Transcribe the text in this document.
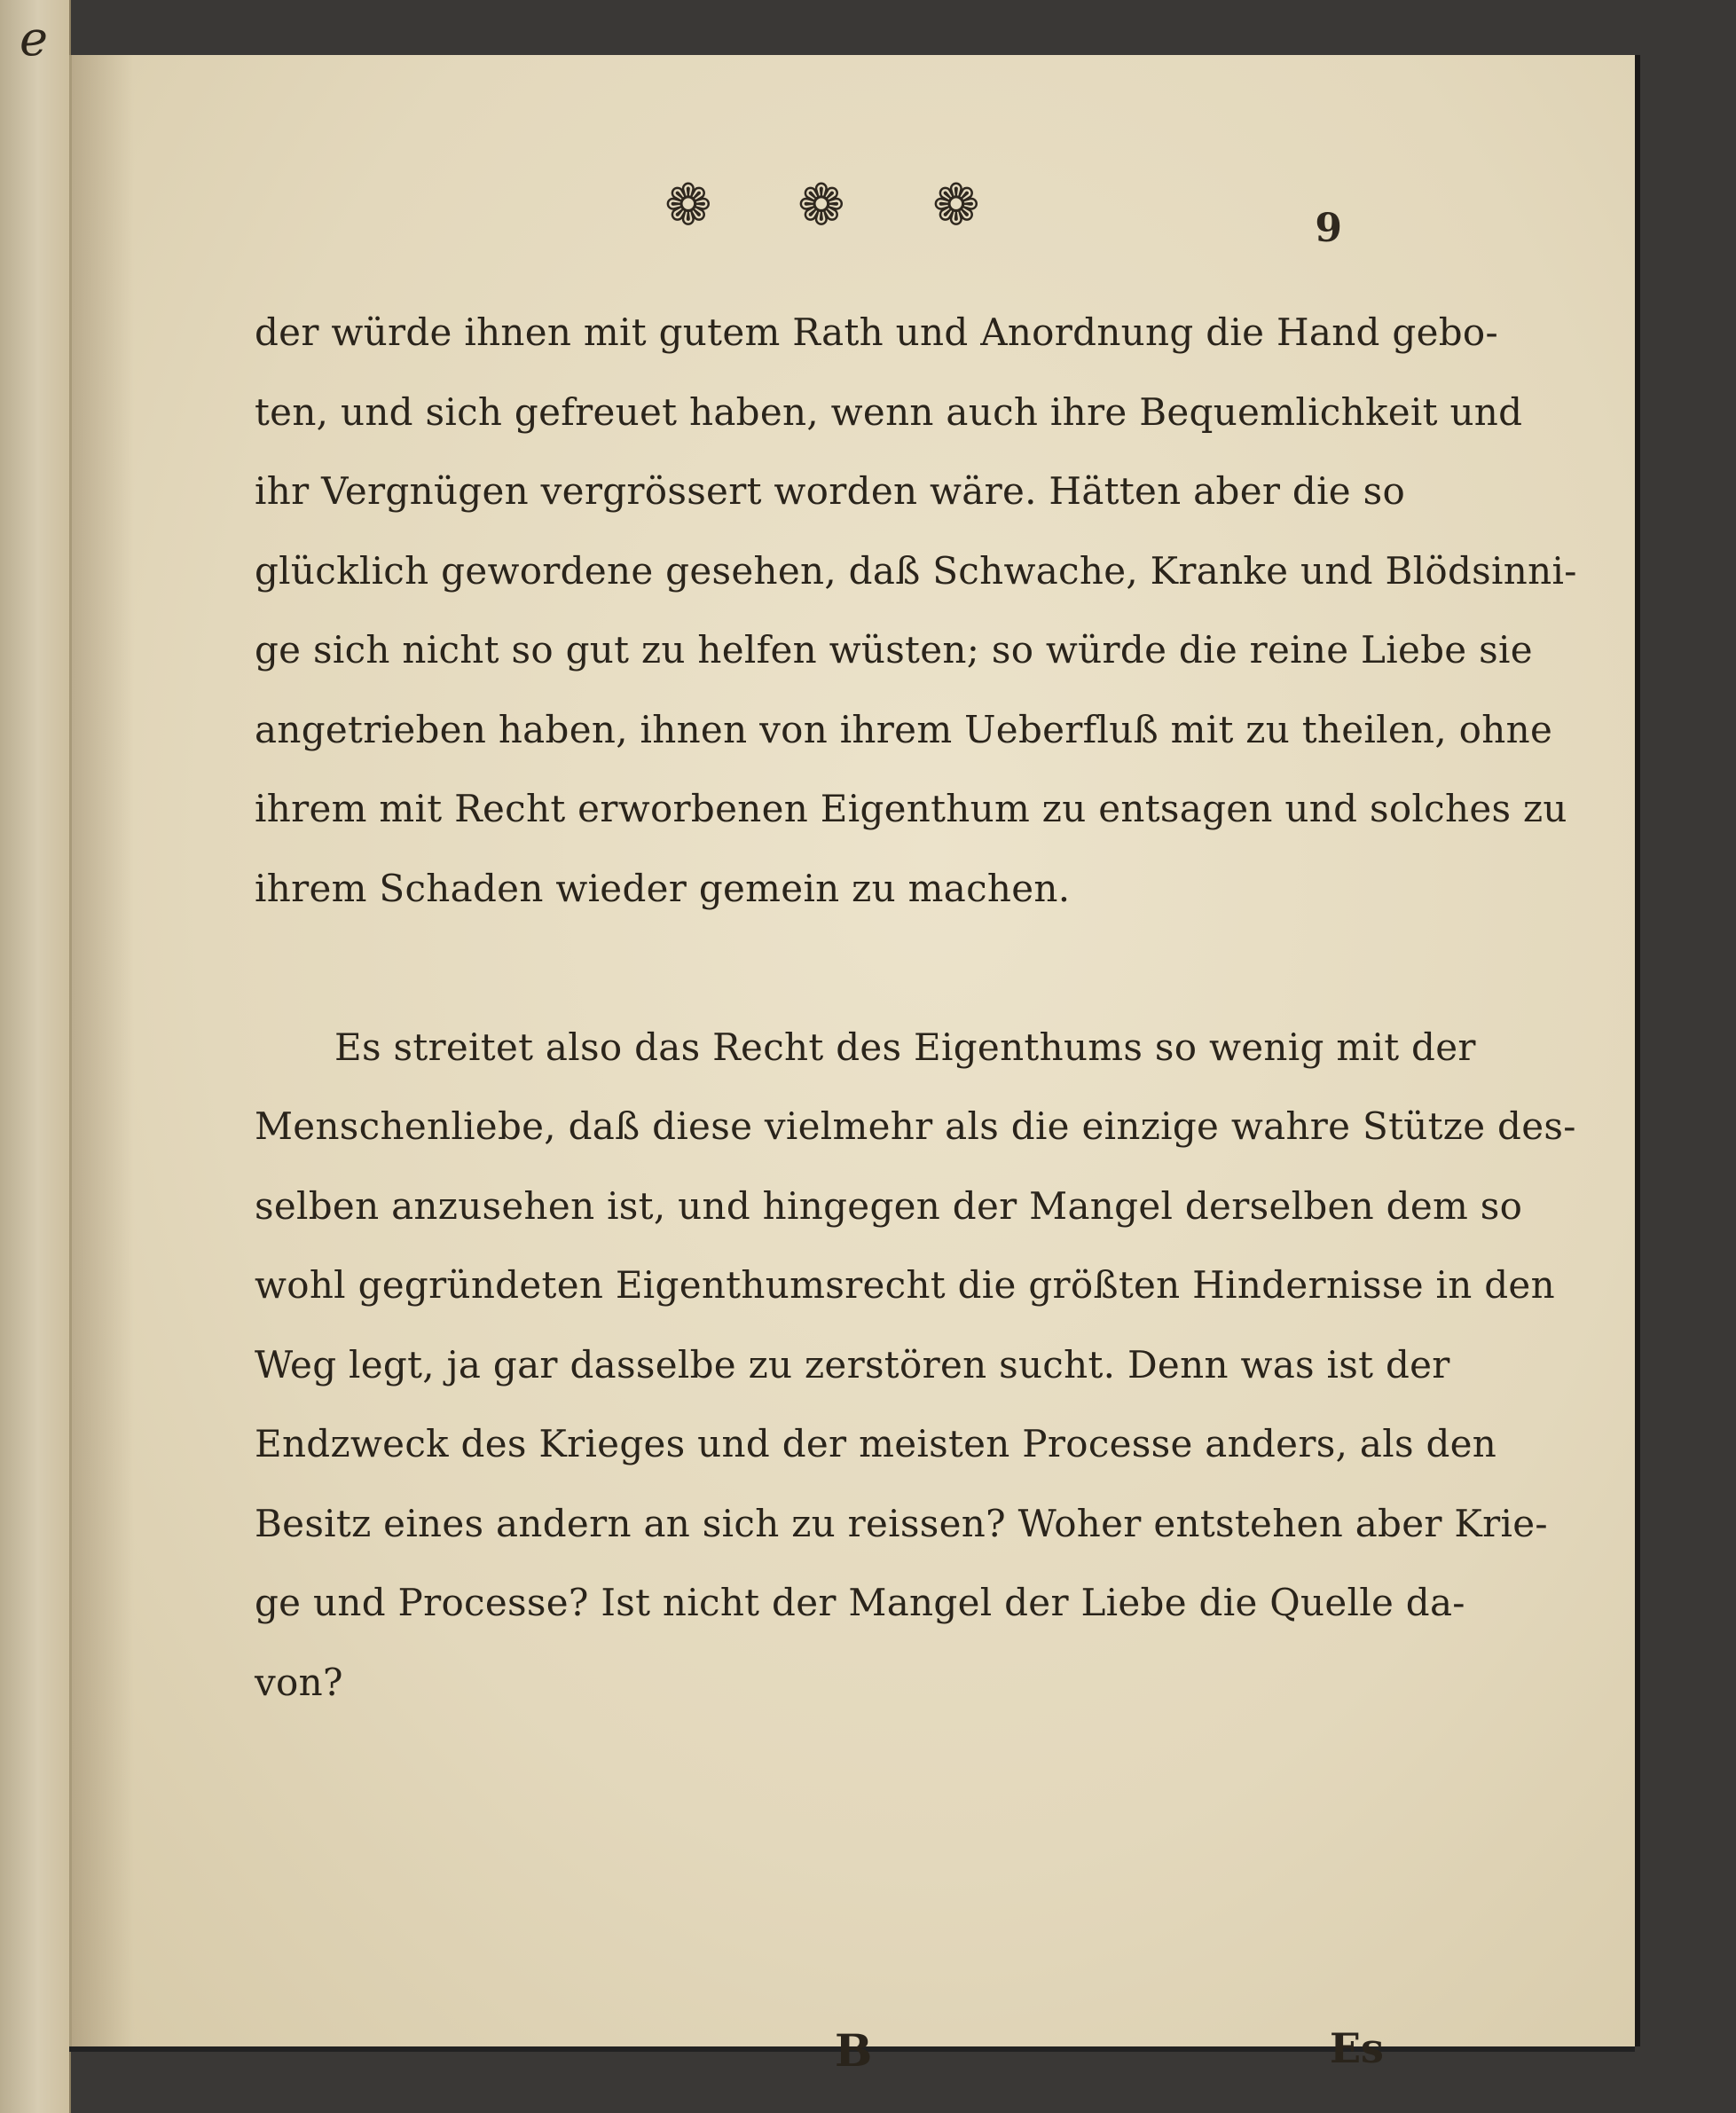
e
❁ ❁ ❁	9

der würde ihnen mit gutem Rath und Anordnung die Hand gebo-
ten, und sich gefreuet haben, wenn auch ihre Bequemlichkeit und
ihr Vergnügen vergrössert worden wäre. Hätten aber die so
glücklich gewordene gesehen, daß Schwache, Kranke und Blödsinni-
ge sich nicht so gut zu helfen wüsten; so würde die reine Liebe sie
angetrieben haben, ihnen von ihrem Ueberfluß mit zu theilen, ohne
ihrem mit Recht erworbenen Eigenthum zu entsagen und solches zu
ihrem Schaden wieder gemein zu machen.

Es streitet also das Recht des Eigenthums so wenig mit der
Menschenliebe, daß diese vielmehr als die einzige wahre Stütze des-
selben anzusehen ist, und hingegen der Mangel derselben dem so
wohl gegründeten Eigenthumsrecht die größten Hindernisse in den
Weg legt, ja gar dasselbe zu zerstören sucht. Denn was ist der
Endzweck des Krieges und der meisten Processe anders, als den
Besitz eines andern an sich zu reissen? Woher entstehen aber Krie-
ge und Processe? Ist nicht der Mangel der Liebe die Quelle da-
von?

B	Es
